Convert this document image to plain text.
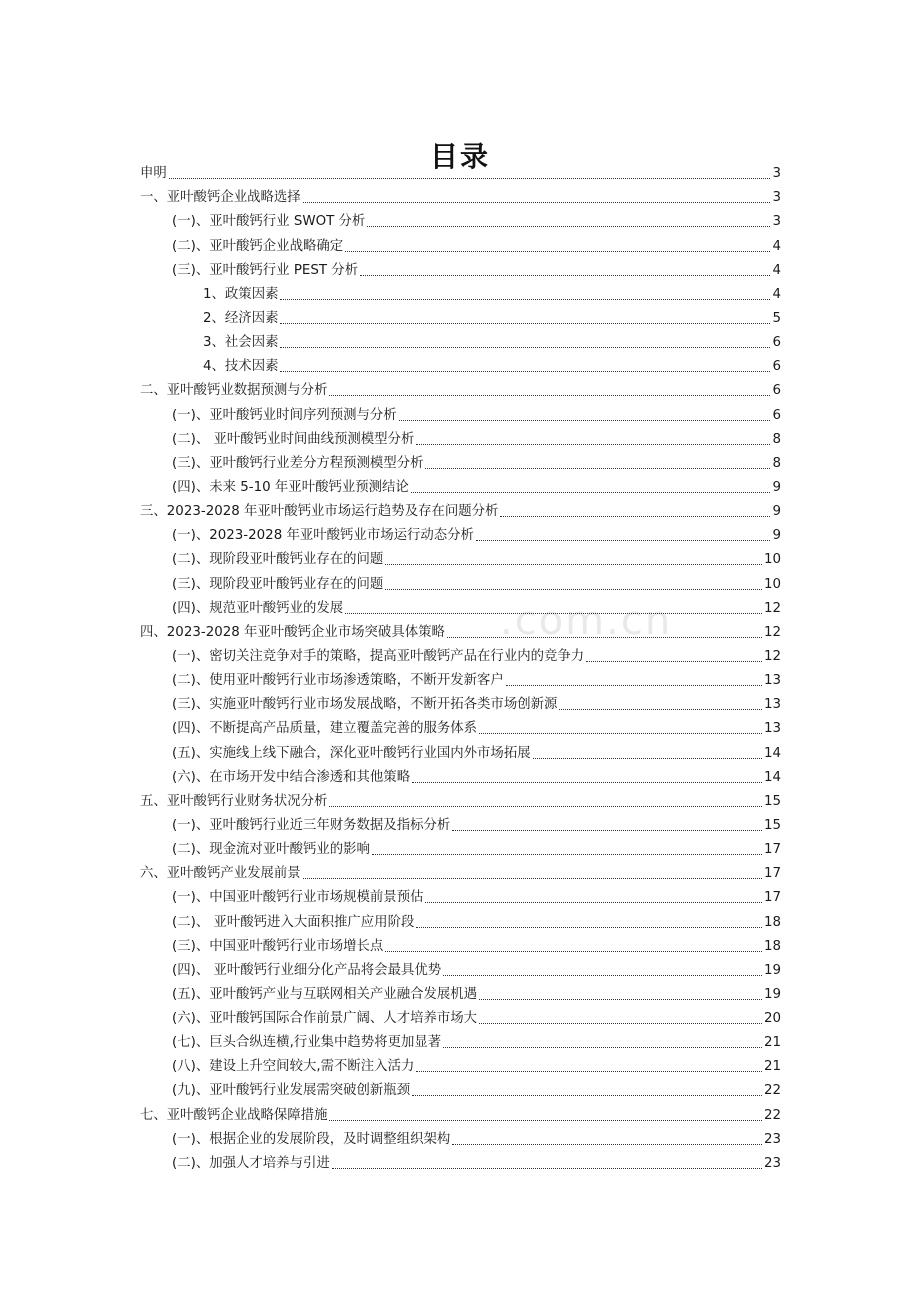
.com.cn
目录
申明	3
一、亚叶酸钙企业战略选择	3
(一)、亚叶酸钙行业 SWOT 分析	3
(二)、亚叶酸钙企业战略确定	4
(三)、亚叶酸钙行业 PEST 分析	4
1、政策因素	4
2、经济因素	5
3、社会因素	6
4、技术因素	6
二、亚叶酸钙业数据预测与分析	6
(一)、亚叶酸钙业时间序列预测与分析	6
(二)、 亚叶酸钙业时间曲线预测模型分析	8
(三)、亚叶酸钙行业差分方程预测模型分析	8
(四)、未来 5-10 年亚叶酸钙业预测结论	9
三、2023-2028 年亚叶酸钙业市场运行趋势及存在问题分析	9
(一)、2023-2028 年亚叶酸钙业市场运行动态分析	9
(二)、现阶段亚叶酸钙业存在的问题	10
(三)、现阶段亚叶酸钙业存在的问题	10
(四)、规范亚叶酸钙业的发展	12
四、2023-2028 年亚叶酸钙企业市场突破具体策略	12
(一)、密切关注竞争对手的策略，提高亚叶酸钙产品在行业内的竞争力	12
(二)、使用亚叶酸钙行业市场渗透策略，不断开发新客户	13
(三)、实施亚叶酸钙行业市场发展战略，不断开拓各类市场创新源	13
(四)、不断提高产品质量，建立覆盖完善的服务体系	13
(五)、实施线上线下融合，深化亚叶酸钙行业国内外市场拓展	14
(六)、在市场开发中结合渗透和其他策略	14
五、亚叶酸钙行业财务状况分析	15
(一)、亚叶酸钙行业近三年财务数据及指标分析	15
(二)、现金流对亚叶酸钙业的影响	17
六、亚叶酸钙产业发展前景	17
(一)、中国亚叶酸钙行业市场规模前景预估	17
(二)、 亚叶酸钙进入大面积推广应用阶段	18
(三)、中国亚叶酸钙行业市场增长点	18
(四)、 亚叶酸钙行业细分化产品将会最具优势	19
(五)、亚叶酸钙产业与互联网相关产业融合发展机遇	19
(六)、亚叶酸钙国际合作前景广阔、人才培养市场大	20
(七)、巨头合纵连横,行业集中趋势将更加显著	21
(八)、建设上升空间较大,需不断注入活力	21
(九)、亚叶酸钙行业发展需突破创新瓶颈	22
七、亚叶酸钙企业战略保障措施	22
(一)、根据企业的发展阶段，及时调整组织架构	23
(二)、加强人才培养与引进	23
